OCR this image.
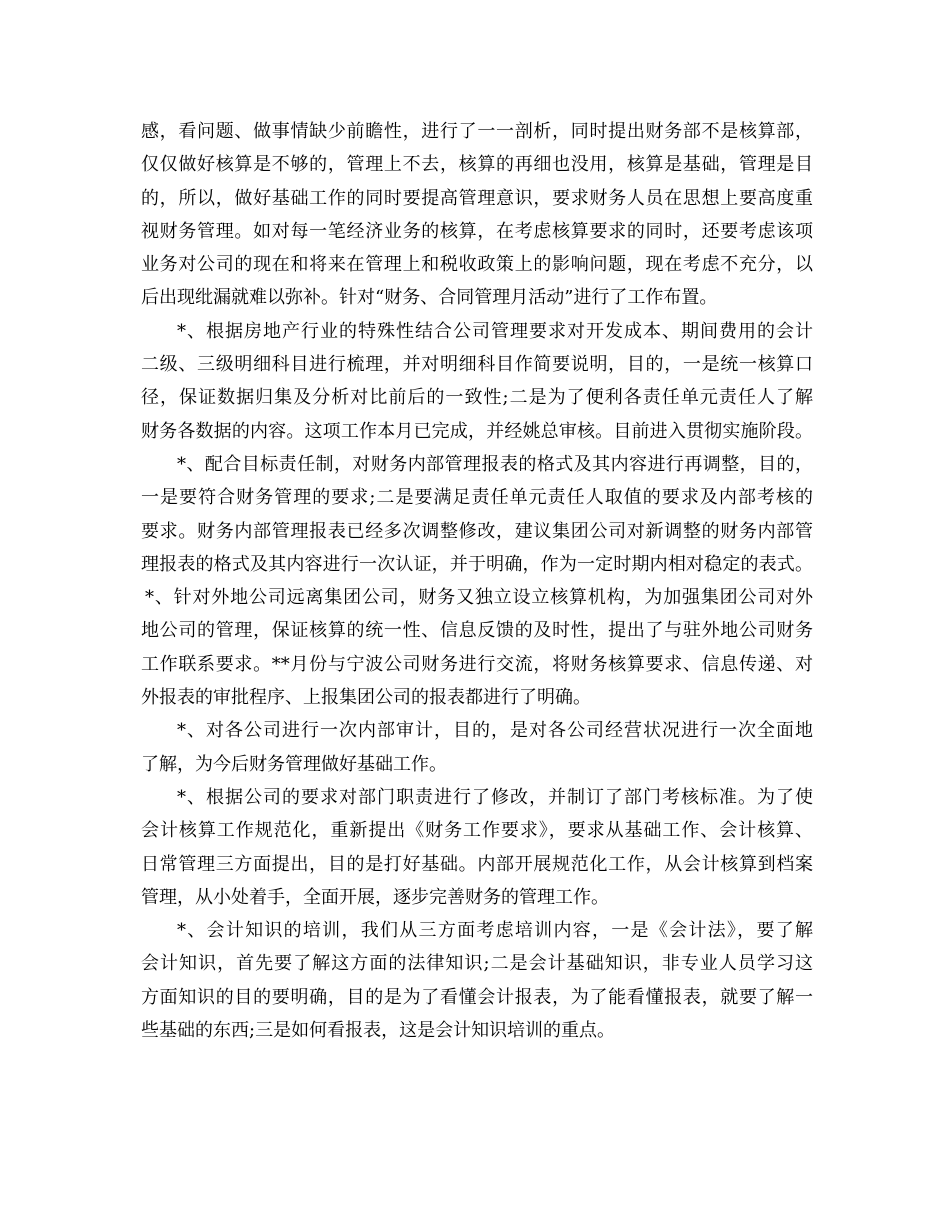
感，看问题、做事情缺少前瞻性，进行了一一剖析，同时提出财务部不是核算部，
仅仅做好核算是不够的，管理上不去，核算的再细也没用，核算是基础，管理是目
的，所以，做好基础工作的同时要提高管理意识，要求财务人员在思想上要高度重
视财务管理。如对每一笔经济业务的核算，在考虑核算要求的同时，还要考虑该项
业务对公司的现在和将来在管理上和税收政策上的影响问题，现在考虑不充分，以
后出现纰漏就难以弥补。针对“财务、合同管理月活动”进行了工作布置。
*、根据房地产行业的特殊性结合公司管理要求对开发成本、期间费用的会计
二级、三级明细科目进行梳理，并对明细科目作简要说明，目的，一是统一核算口
径，保证数据归集及分析对比前后的一致性;二是为了便利各责任单元责任人了解
财务各数据的内容。这项工作本月已完成，并经姚总审核。目前进入贯彻实施阶段。
*、配合目标责任制，对财务内部管理报表的格式及其内容进行再调整，目的，
一是要符合财务管理的要求;二是要满足责任单元责任人取值的要求及内部考核的
要求。财务内部管理报表已经多次调整修改，建议集团公司对新调整的财务内部管
理报表的格式及其内容进行一次认证，并于明确，作为一定时期内相对稳定的表式。
*、针对外地公司远离集团公司，财务又独立设立核算机构，为加强集团公司对外
地公司的管理，保证核算的统一性、信息反馈的及时性，提出了与驻外地公司财务
工作联系要求。**月份与宁波公司财务进行交流，将财务核算要求、信息传递、对
外报表的审批程序、上报集团公司的报表都进行了明确。
*、对各公司进行一次内部审计，目的，是对各公司经营状况进行一次全面地
了解，为今后财务管理做好基础工作。
*、根据公司的要求对部门职责进行了修改，并制订了部门考核标准。为了使
会计核算工作规范化，重新提出《财务工作要求》，要求从基础工作、会计核算、
日常管理三方面提出，目的是打好基础。内部开展规范化工作，从会计核算到档案
管理，从小处着手，全面开展，逐步完善财务的管理工作。
*、会计知识的培训，我们从三方面考虑培训内容，一是《会计法》，要了解
会计知识，首先要了解这方面的法律知识;二是会计基础知识，非专业人员学习这
方面知识的目的要明确，目的是为了看懂会计报表，为了能看懂报表，就要了解一
些基础的东西;三是如何看报表，这是会计知识培训的重点。
